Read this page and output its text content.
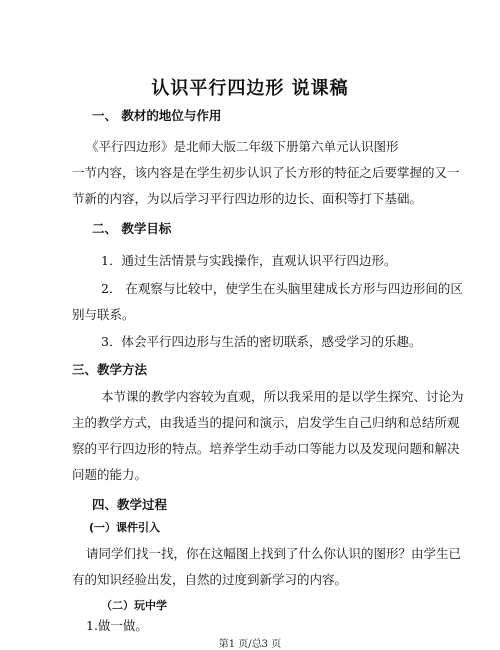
认识平行四边形 说课稿
一、 教材的地位与作用
《平行四边形》是北师大版二年级下册第六单元认识图形
一节内容，该内容是在学生初步认识了长方形的特征之后要掌握的又一
节新的内容，为以后学习平行四边形的边长、面积等打下基础。
二、 教学目标
1．通过生活情景与实践操作，直观认识平行四边形。
2． 在观察与比较中，使学生在头脑里建成长方形与四边形间的区
别与联系。
3．体会平行四边形与生活的密切联系，感受学习的乐趣。
三、教学方法
本节课的教学内容较为直观，所以我采用的是以学生探究、讨论为
主的教学方式，由我适当的提问和演示，启发学生自己归纳和总结所观
察的平行四边形的特点。培养学生动手动口等能力以及发现问题和解决
问题的能力。
四、教学过程
(一）课件引入
请同学们找一找，你在这幅图上找到了什么你认识的图形？由学生已
有的知识经验出发，自然的过度到新学习的内容。
（二）玩中学
1.做一做。
第1 页/总3 页
